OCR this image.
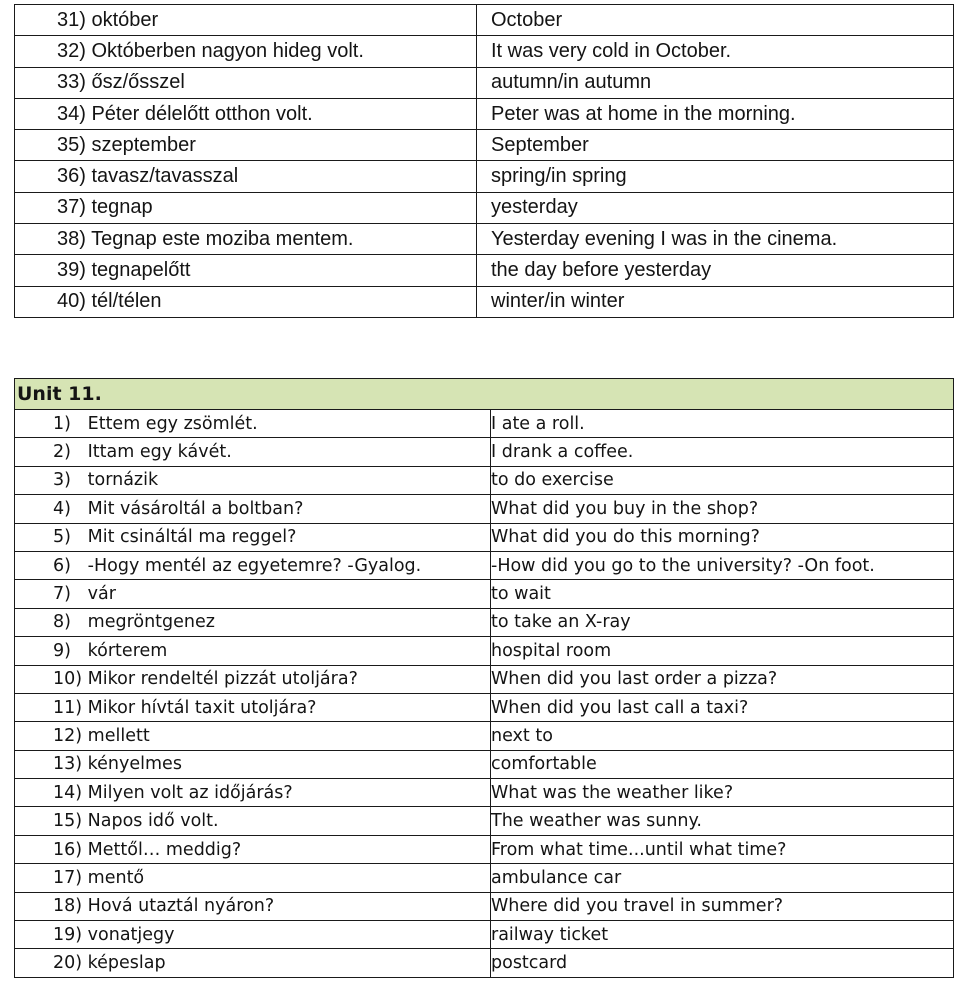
31) október	October
32) Októberben nagyon hideg volt.	It was very cold in October.
33) ősz/ősszel	autumn/in autumn
34) Péter délelőtt otthon volt.	Peter was at home in the morning.
35) szeptember	September
36) tavasz/tavasszal	spring/in spring
37) tegnap	yesterday
38) Tegnap este moziba mentem.	Yesterday evening I was in the cinema.
39) tegnapelőtt	the day before yesterday
40) tél/télen	winter/in winter
Unit 11.	
1)   Ettem egy zsömlét.	I ate a roll.
2)   Ittam egy kávét.	I drank a coffee.
3)   tornázik	to do exercise
4)   Mit vásároltál a boltban?	What did you buy in the shop?
5)   Mit csináltál ma reggel?	What did you do this morning?
6)   -Hogy mentél az egyetemre? -Gyalog.	-How did you go to the university? -On foot.
7)   vár	to wait
8)   megröntgenez	to take an X-ray
9)   kórterem	hospital room
10) Mikor rendeltél pizzát utoljára?	When did you last order a pizza?
11) Mikor hívtál taxit utoljára?	When did you last call a taxi?
12) mellett	next to
13) kényelmes	comfortable
14) Milyen volt az időjárás?	What was the weather like?
15) Napos idő volt.	The weather was sunny.
16) Mettől… meddig?	From what time...until what time?
17) mentő	ambulance car
18) Hová utaztál nyáron?	Where did you travel in summer?
19) vonatjegy	railway ticket
20) képeslap	postcard
